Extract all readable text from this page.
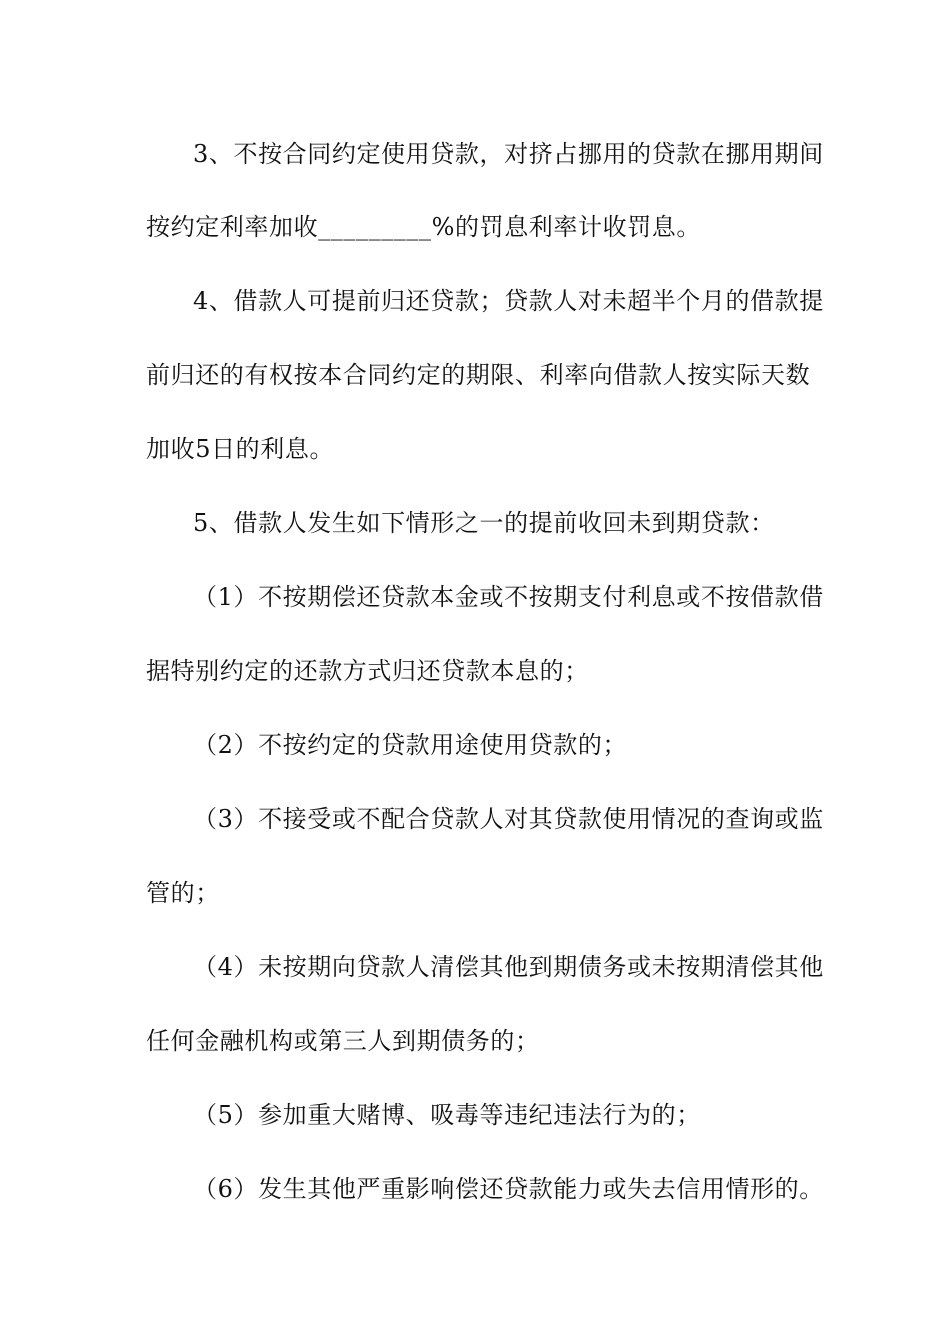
3、不按合同约定使用贷款，对挤占挪用的贷款在挪用期间
按约定利率加收_________%的罚息利率计收罚息。
4、借款人可提前归还贷款；贷款人对未超半个月的借款提
前归还的有权按本合同约定的期限、利率向借款人按实际天数
加收5日的利息。
5、借款人发生如下情形之一的提前收回未到期贷款：
（1）不按期偿还贷款本金或不按期支付利息或不按借款借
据特别约定的还款方式归还贷款本息的；
（2）不按约定的贷款用途使用贷款的；
（3）不接受或不配合贷款人对其贷款使用情况的查询或监
管的；
（4）未按期向贷款人清偿其他到期债务或未按期清偿其他
任何金融机构或第三人到期债务的；
（5）参加重大赌博、吸毒等违纪违法行为的；
（6）发生其他严重影响偿还贷款能力或失去信用情形的。
